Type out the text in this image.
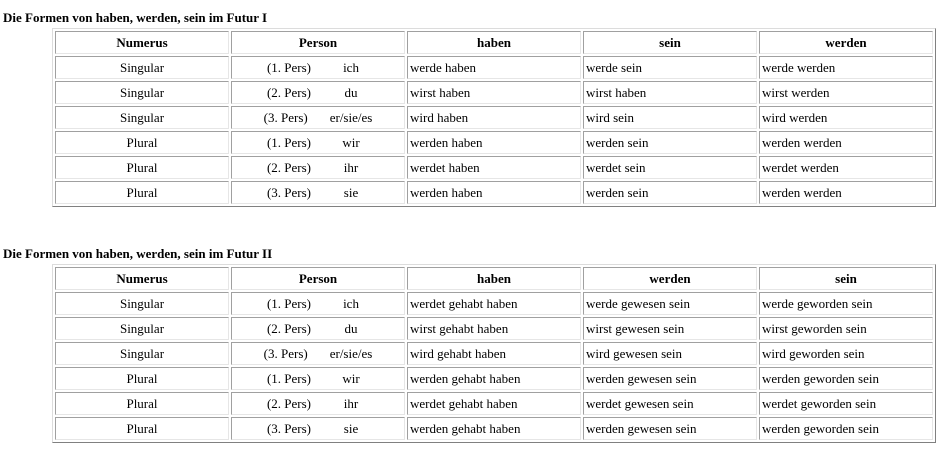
Die Formen von haben, werden, sein im Futur I
Numerus	Person	haben	sein	werden
Singular	(1. Pers) ich	werde haben	werde sein	werde werden
Singular	(2. Pers) du	wirst haben	wirst haben	wirst werden
Singular	(3. Pers) er/sie/es	wird haben	wird sein	wird werden
Plural	(1. Pers) wir	werden haben	werden sein	werden werden
Plural	(2. Pers) ihr	werdet haben	werdet sein	werdet werden
Plural	(3. Pers) sie	werden haben	werden sein	werden werden
Die Formen von haben, werden, sein im Futur II
Numerus	Person	haben	werden	sein
Singular	(1. Pers) ich	werdet gehabt haben	werde gewesen sein	werde geworden sein
Singular	(2. Pers) du	wirst gehabt haben	wirst gewesen sein	wirst geworden sein
Singular	(3. Pers) er/sie/es	wird gehabt haben	wird gewesen sein	wird geworden sein
Plural	(1. Pers) wir	werden gehabt haben	werden gewesen sein	werden geworden sein
Plural	(2. Pers) ihr	werdet gehabt haben	werdet gewesen sein	werdet geworden sein
Plural	(3. Pers) sie	werden gehabt haben	werden gewesen sein	werden geworden sein
